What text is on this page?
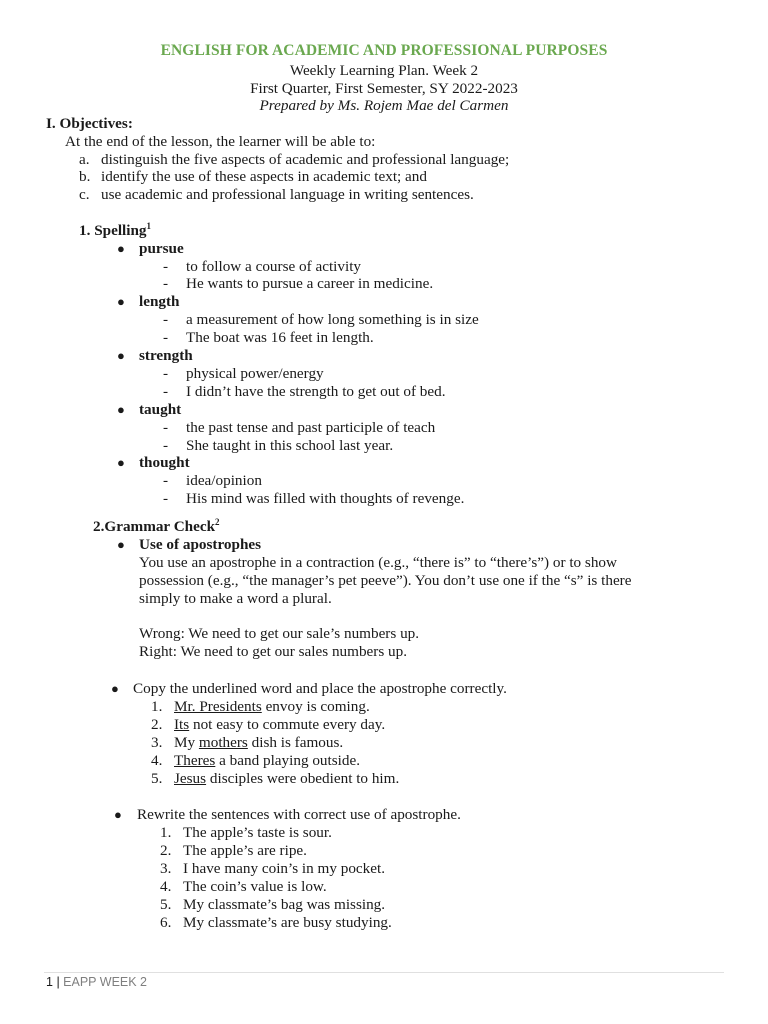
ENGLISH FOR ACADEMIC AND PROFESSIONAL PURPOSES
Weekly Learning Plan. Week 2
First Quarter, First Semester, SY 2022-2023
Prepared by Ms. Rojem Mae del Carmen
I. Objectives:
At the end of the lesson, the learner will be able to:
a. distinguish the five aspects of academic and professional language;
b. identify the use of these aspects in academic text; and
c. use academic and professional language in writing sentences.
1. Spelling$^1$
● pursue
- to follow a course of activity
- He wants to pursue a career in medicine.
● length
- a measurement of how long something is in size
- The boat was 16 feet in length.
● strength
- physical power/energy
- I didn’t have the strength to get out of bed.
● taught
- the past tense and past participle of teach
- She taught in this school last year.
● thought
- idea/opinion
- His mind was filled with thoughts of revenge.
2.Grammar Check$^2$
● Use of apostrophes
You use an apostrophe in a contraction (e.g., “there is” to “there’s”) or to show
possession (e.g., “the manager’s pet peeve”). You don’t use one if the “s” is there
simply to make a word a plural.
Wrong: We need to get our sale’s numbers up.
Right: We need to get our sales numbers up.
● Copy the underlined word and place the apostrophe correctly.
1. Mr. Presidents envoy is coming.
2. Its not easy to commute every day.
3. My mothers dish is famous.
4. Theres a band playing outside.
5. Jesus disciples were obedient to him.
● Rewrite the sentences with correct use of apostrophe.
1. The apple’s taste is sour.
2. The apple’s are ripe.
3. I have many coin’s in my pocket.
4. The coin’s value is low.
5. My classmate’s bag was missing.
6. My classmate’s are busy studying.
1 | EAPP WEEK 2
